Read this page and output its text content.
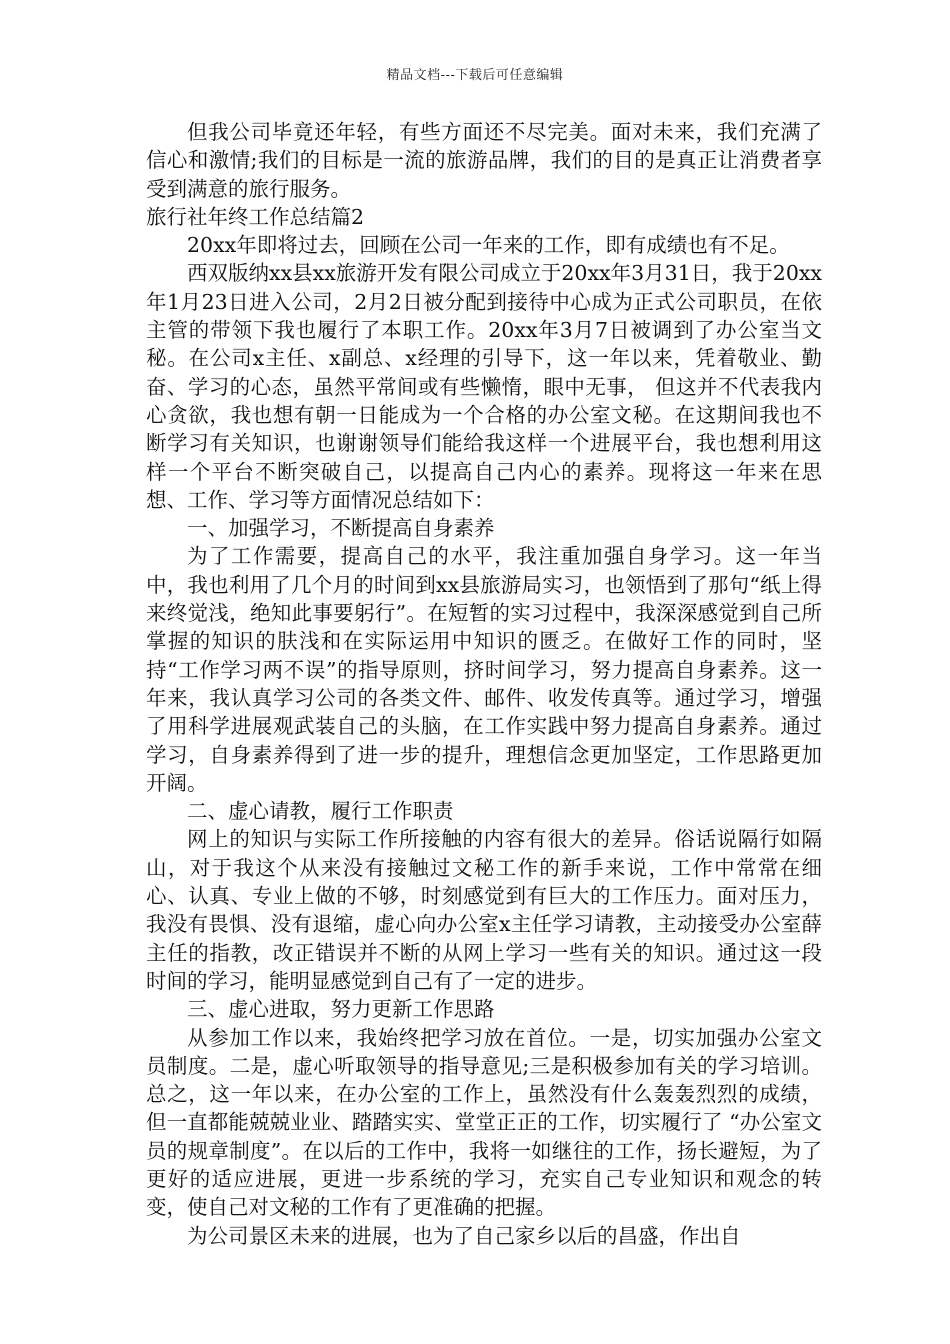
精品文档---下载后可任意编辑

但我公司毕竟还年轻，有些方面还不尽完美。面对未来，我们充满了信心和激情;我们的目标是一流的旅游品牌，我们的目的是真正让消费者享受到满意的旅行服务。

旅行社年终工作总结篇2

20xx年即将过去，回顾在公司一年来的工作，即有成绩也有不足。

西双版纳xx县xx旅游开发有限公司成立于20xx年3月31日，我于20xx年1月23日进入公司，2月2日被分配到接待中心成为正式公司职员，在依主管的带领下我也履行了本职工作。20xx年3月7日被调到了办公室当文秘。在公司x主任、x副总、x经理的引导下，这一年以来，凭着敬业、勤奋、学习的心态，虽然平常间或有些懒惰，眼中无事， 但这并不代表我内心贪欲，我也想有朝一日能成为一个合格的办公室文秘。在这期间我也不断学习有关知识，也谢谢领导们能给我这样一个进展平台，我也想利用这样一个平台不断突破自己，以提高自己内心的素养。现将这一年来在思想、工作、学习等方面情况总结如下：

一、加强学习，不断提高自身素养

为了工作需要，提高自己的水平，我注重加强自身学习。这一年当中，我也利用了几个月的时间到xx县旅游局实习，也领悟到了那句“纸上得来终觉浅，绝知此事要躬行”。在短暂的实习过程中，我深深感觉到自己所掌握的知识的肤浅和在实际运用中知识的匮乏。在做好工作的同时，坚持“工作学习两不误”的指导原则，挤时间学习，努力提高自身素养。这一年来，我认真学习公司的各类文件、邮件、收发传真等。通过学习，增强了用科学进展观武装自己的头脑，在工作实践中努力提高自身素养。通过学习，自身素养得到了进一步的提升，理想信念更加坚定，工作思路更加开阔。

二、虚心请教，履行工作职责

网上的知识与实际工作所接触的内容有很大的差异。俗话说隔行如隔山，对于我这个从来没有接触过文秘工作的新手来说，工作中常常在细心、认真、专业上做的不够，时刻感觉到有巨大的工作压力。面对压力，我没有畏惧、没有退缩，虚心向办公室x主任学习请教，主动接受办公室薛主任的指教，改正错误并不断的从网上学习一些有关的知识。通过这一段时间的学习，能明显感觉到自己有了一定的进步。

三、虚心进取，努力更新工作思路

从参加工作以来，我始终把学习放在首位。一是，切实加强办公室文员制度。二是，虚心听取领导的指导意见;三是积极参加有关的学习培训。总之，这一年以来，在办公室的工作上，虽然没有什么轰轰烈烈的成绩，但一直都能兢兢业业、踏踏实实、堂堂正正的工作，切实履行了 “办公室文员的规章制度”。在以后的工作中，我将一如继往的工作，扬长避短，为了更好的适应进展，更进一步系统的学习，充实自己专业知识和观念的转变，使自己对文秘的工作有了更准确的把握。

为公司景区未来的进展，也为了自己家乡以后的昌盛，作出自
